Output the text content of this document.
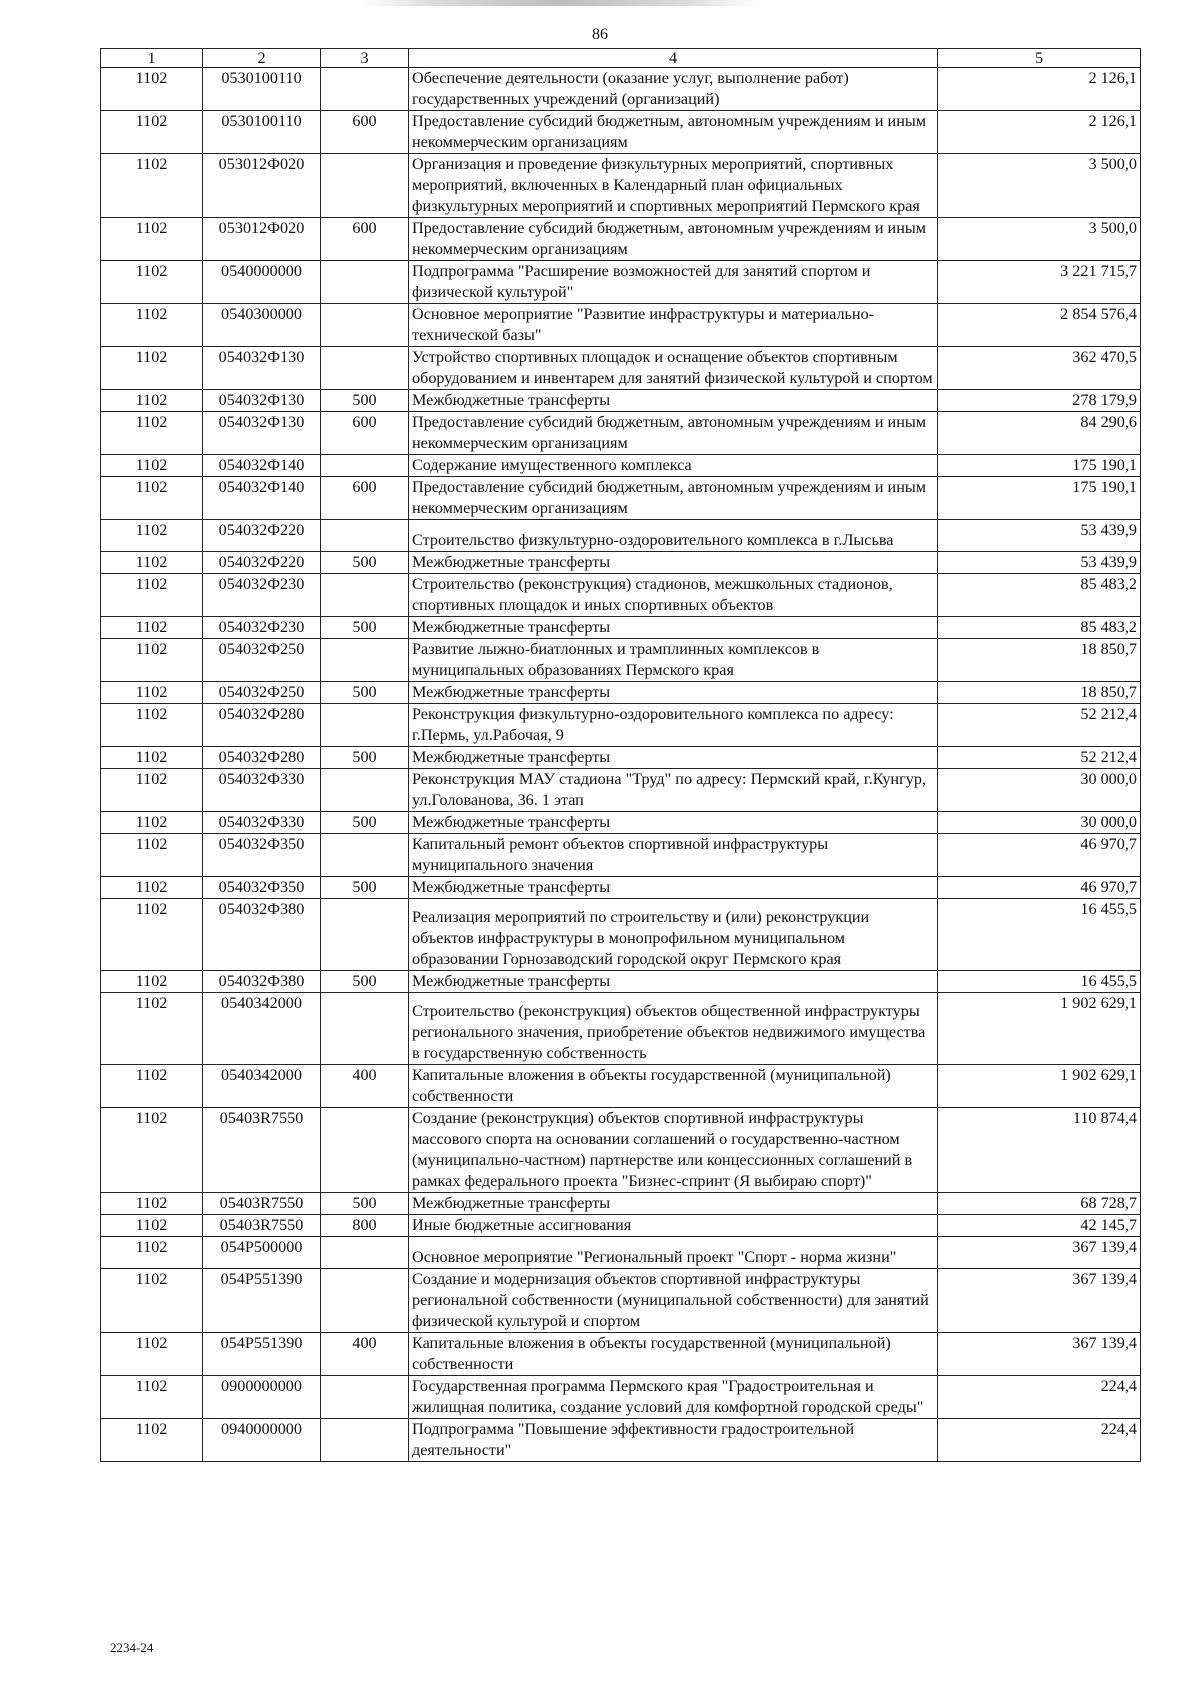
86
1	2	3	4	5
1102	0530100110		Обеспечение деятельности (оказание услуг, выполнение работ) государственных учреждений (организаций)	2 126,1
1102	0530100110	600	Предоставление субсидий бюджетным, автономным учреждениям и иным некоммерческим организациям	2 126,1
1102	053012Ф020		Организация и проведение физкультурных мероприятий, спортивных мероприятий, включенных в Календарный план официальных физкультурных мероприятий и спортивных мероприятий Пермского края	3 500,0
1102	053012Ф020	600	Предоставление субсидий бюджетным, автономным учреждениям и иным некоммерческим организациям	3 500,0
1102	0540000000		Подпрограмма "Расширение возможностей для занятий спортом и физической культурой"	3 221 715,7
1102	0540300000		Основное мероприятие "Развитие инфраструктуры и материально-технической базы"	2 854 576,4
1102	054032Ф130		Устройство спортивных площадок и оснащение объектов спортивным оборудованием и инвентарем для занятий физической культурой и спортом	362 470,5
1102	054032Ф130	500	Межбюджетные трансферты	278 179,9
1102	054032Ф130	600	Предоставление субсидий бюджетным, автономным учреждениям и иным некоммерческим организациям	84 290,6
1102	054032Ф140		Содержание имущественного комплекса	175 190,1
1102	054032Ф140	600	Предоставление субсидий бюджетным, автономным учреждениям и иным некоммерческим организациям	175 190,1
1102	054032Ф220		Строительство физкультурно-оздоровительного комплекса в г.Лысьва	53 439,9
1102	054032Ф220	500	Межбюджетные трансферты	53 439,9
1102	054032Ф230		Строительство (реконструкция) стадионов, межшкольных стадионов, спортивных площадок и иных спортивных объектов	85 483,2
1102	054032Ф230	500	Межбюджетные трансферты	85 483,2
1102	054032Ф250		Развитие лыжно-биатлонных и трамплинных комплексов в муниципальных образованиях Пермского края	18 850,7
1102	054032Ф250	500	Межбюджетные трансферты	18 850,7
1102	054032Ф280		Реконструкция физкультурно-оздоровительного комплекса по адресу: г.Пермь, ул.Рабочая, 9	52 212,4
1102	054032Ф280	500	Межбюджетные трансферты	52 212,4
1102	054032Ф330		Реконструкция МАУ стадиона "Труд" по адресу: Пермский край, г.Кунгур, ул.Голованова, 36. 1 этап	30 000,0
1102	054032Ф330	500	Межбюджетные трансферты	30 000,0
1102	054032Ф350		Капитальный ремонт объектов спортивной инфраструктуры муниципального значения	46 970,7
1102	054032Ф350	500	Межбюджетные трансферты	46 970,7
1102	054032Ф380		Реализация мероприятий по строительству и (или) реконструкции объектов инфраструктуры в монопрофильном муниципальном образовании Горнозаводский городской округ Пермского края	16 455,5
1102	054032Ф380	500	Межбюджетные трансферты	16 455,5
1102	0540342000		Строительство (реконструкция) объектов общественной инфраструктуры регионального значения, приобретение объектов недвижимого имущества в государственную собственность	1 902 629,1
1102	0540342000	400	Капитальные вложения в объекты государственной (муниципальной) собственности	1 902 629,1
1102	05403R7550		Создание (реконструкция) объектов спортивной инфраструктуры массового спорта на основании соглашений о государственно-частном (муниципально-частном) партнерстве или концессионных соглашений в рамках федерального проекта "Бизнес-спринт (Я выбираю спорт)"	110 874,4
1102	05403R7550	500	Межбюджетные трансферты	68 728,7
1102	05403R7550	800	Иные бюджетные ассигнования	42 145,7
1102	054P500000		Основное мероприятие "Региональный проект "Спорт - норма жизни"	367 139,4
1102	054P551390		Создание и модернизация объектов спортивной инфраструктуры региональной собственности (муниципальной собственности) для занятий физической культурой и спортом	367 139,4
1102	054P551390	400	Капитальные вложения в объекты государственной (муниципальной) собственности	367 139,4
1102	0900000000		Государственная программа Пермского края "Градостроительная и жилищная политика, создание условий для комфортной городской среды"	224,4
1102	0940000000		Подпрограмма "Повышение эффективности градостроительной деятельности"	224,4
2234-24
